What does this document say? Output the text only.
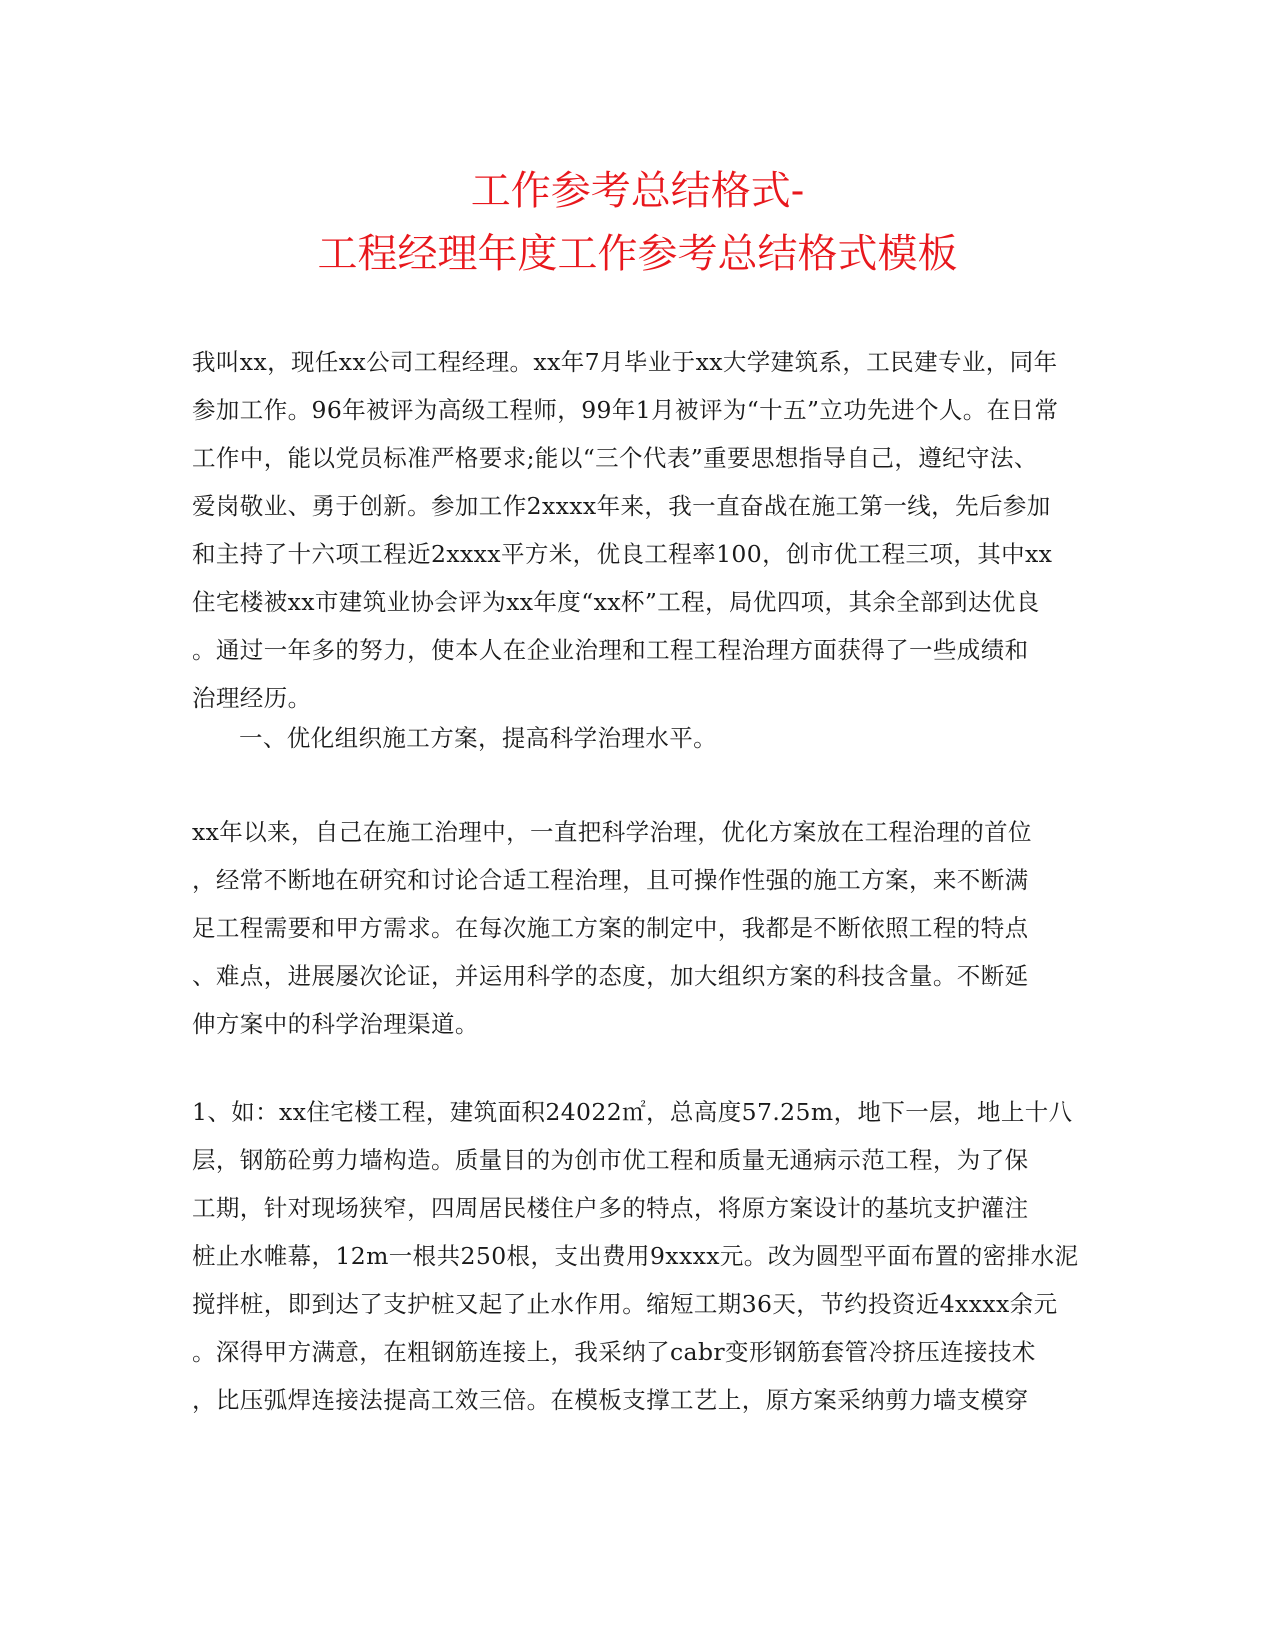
工作参考总结格式-
工程经理年度工作参考总结格式模板
我叫xx，现任xx公司工程经理。xx年7月毕业于xx大学建筑系，工民建专业，同年
参加工作。96年被评为高级工程师，99年1月被评为“十五”立功先进个人。在日常
工作中，能以党员标准严格要求;能以“三个代表”重要思想指导自己，遵纪守法、
爱岗敬业、勇于创新。参加工作2xxxx年来，我一直奋战在施工第一线，先后参加
和主持了十六项工程近2xxxx平方米，优良工程率100，创市优工程三项，其中xx
住宅楼被xx市建筑业协会评为xx年度“xx杯”工程，局优四项，其余全部到达优良
。通过一年多的努力，使本人在企业治理和工程工程治理方面获得了一些成绩和
治理经历。
一、优化组织施工方案，提高科学治理水平。
xx年以来，自己在施工治理中，一直把科学治理，优化方案放在工程治理的首位
，经常不断地在研究和讨论合适工程治理，且可操作性强的施工方案，来不断满
足工程需要和甲方需求。在每次施工方案的制定中，我都是不断依照工程的特点
、难点，进展屡次论证，并运用科学的态度，加大组织方案的科技含量。不断延
伸方案中的科学治理渠道。
1、如：xx住宅楼工程，建筑面积24022㎡，总高度57.25m，地下一层，地上十八
层，钢筋砼剪力墙构造。质量目的为创市优工程和质量无通病示范工程，为了保
工期，针对现场狭窄，四周居民楼住户多的特点，将原方案设计的基坑支护灌注
桩止水帷幕，12m一根共250根，支出费用9xxxx元。改为圆型平面布置的密排水泥
搅拌桩，即到达了支护桩又起了止水作用。缩短工期36天，节约投资近4xxxx余元
。深得甲方满意，在粗钢筋连接上，我采纳了cabr变形钢筋套管冷挤压连接技术
，比压弧焊连接法提高工效三倍。在模板支撑工艺上，原方案采纳剪力墙支模穿
